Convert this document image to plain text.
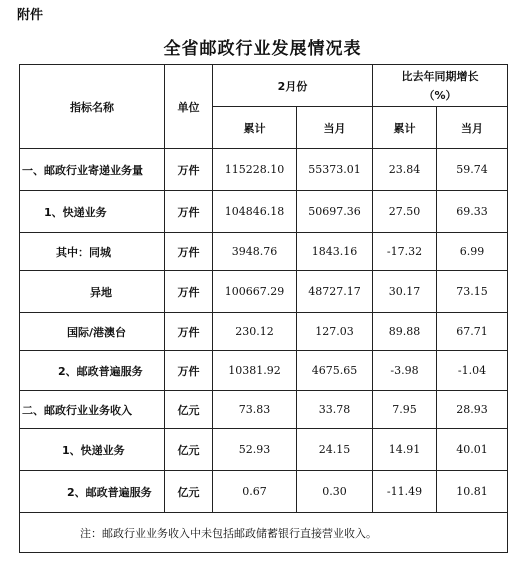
附件
全省邮政行业发展情况表
指标名称	单位	2月份		比去年同期增长
（%）	

		累计	当月	累计	当月
一、邮政行业寄递业务量	万件	115228.10	55373.01	23.84	59.74
1、快递业务	万件	104846.18	50697.36	27.50	69.33
其中：同城	万件	3948.76	1843.16	-17.32	6.99
异地	万件	100667.29	48727.17	30.17	73.15
国际/港澳台	万件	230.12	127.03	89.88	67.71
2、邮政普遍服务	万件	10381.92	4675.65	-3.98	-1.04
二、邮政行业业务收入	亿元	73.83	33.78	7.95	28.93
1、快递业务	亿元	52.93	24.15	14.91	40.01
2、邮政普遍服务	亿元	0.67	0.30	-11.49	10.81
注：邮政行业业务收入中未包括邮政储蓄银行直接营业收入。					
